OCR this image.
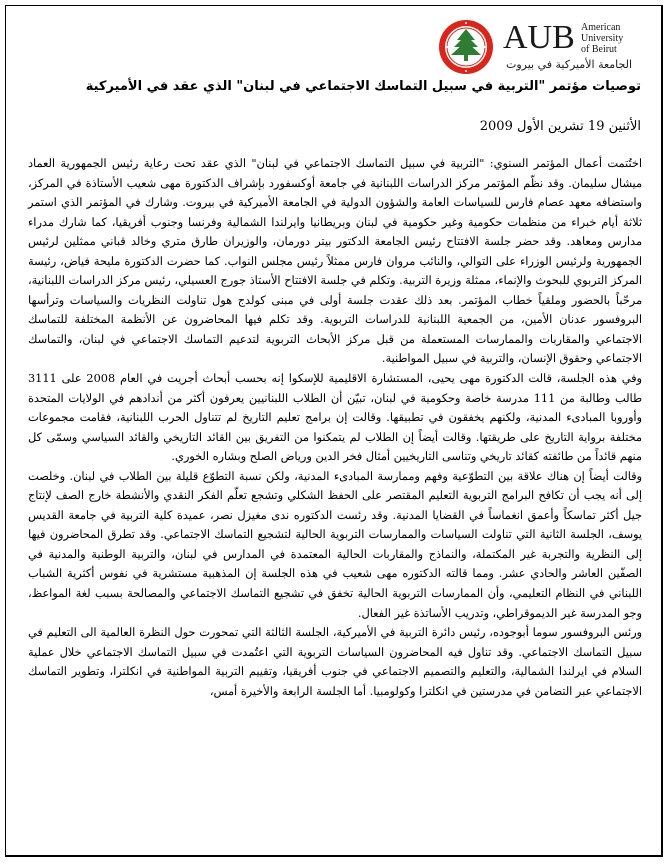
AUB American
University
of Beirut
الجامعة الأميركية في بيروت
توصيات مؤتمر "التربية في سبيل التماسك الاجتماعي في لبنان" الذي عقد في الأميركية
الأثنين 19 تشرين الأول 2009

اختُتمت أعمال المؤتمر السنوي: "التربية في سبيل التماسك الاجتماعي في لبنان" الذي عقد تحت رعاية رئيس الجمهورية العماد ميشال سليمان. وقد نظّم المؤتمر مركز الدراسات اللبنانية في جامعة أوكسفورد بإشراف الدكتورة مهى شعيب الأستاذة في المركز، واستضافه معهد عصام فارس للسياسات العامة والشؤون الدولية في الجامعة الأميركية في بيروت. وشارك في المؤتمر الذي استمر ثلاثة أيام خبراء من منظمات حكومية وغير حكومية في لبنان وبريطانيا وايرلندا الشمالية وفرنسا وجنوب أفريقيا، كما شارك مدراء مدارس ومعاهد. وقد حضر جلسة الافتتاح رئيس الجامعة الدكتور بيتر دورمان، والوزيران طارق متري وخالد قباني ممثلين لرئيس الجمهورية ولرئيس الوزراء على التوالي، والنائب مروان فارس ممثلاً رئيس مجلس النواب. كما حضرت الدكتورة مليحة فياض، رئيسة المركز التربوي للبحوث والإنماء، ممثلة وزيرة التربية. وتكلم في جلسة الافتتاح الأستاذ جورج العسيلي، رئيس مركز الدراسات اللبنانية، مرحّباً بالحضور وملقياً خطاب المؤتمر. بعد ذلك عقدت جلسة أولى في مبنى كولدج هول تناولت النظريات والسياسات وترأسها البروفسور عدنان الأمين، من الجمعية اللبنانية للدراسات التربوية. وقد تكلم فيها المحاضرون عن الأنظمة المختلفة للتماسك الاجتماعي والمقاربات والممارسات المستعملة من قبل مركز الأبحاث التربوية لتدعيم التماسك الاجتماعي في لبنان، والتماسك الاجتماعي وحقوق الإنسان، والتربية في سبيل المواطنية.

وفي هذه الجلسة، قالت الدكتورة مهى يحيى، المستشارة الاقليمية للإسكوا إنه بحسب أبحاث أجريت في العام 2008 على 3111 طالب وطالبة من 111 مدرسة خاصة وحكومية في لبنان، تبيّن أن الطلاب اللبنانيين يعرفون أكثر من أندادهم في الولايات المتحدة وأوروبا المبادىء المدنية، ولكنهم يخفقون في تطبيقها. وقالت إن برامج تعليم التاريخ لم تتناول الحرب اللبنانية، فقامت مجموعات مختلفة برواية التاريخ على طريقتها. وقالت أيضاً إن الطلاب لم يتمكنوا من التفريق بين القائد التاريخي والقائد السياسي وسمّى كل منهم قائداً من طائفته كقائد تاريخي وتناسى التاريخيين أمثال فخر الدين ورياض الصلح وبشاره الخوري.

وقالت أيضاً إن هناك علاقة بين التطوّعية وفهم وممارسة المبادىء المدنية، ولكن نسبة التطوّع قليلة بين الطلاب في لبنان. وخلصت إلى أنه يجب أن تكافح البرامج التربوية التعليم المقتصر على الحفظ الشكلي وتشجع تعلّم الفكر النقدي والأنشطة خارج الصف لإنتاج جيل أكثر تماسكاً وأعمق انغماساً في القضايا المدنية. وقد رئست الدكتوره ندى مغيزل نصر، عميدة كلية التربية في جامعة القديس يوسف، الجلسة الثانية التي تناولت السياسات والممارسات التربوية الحالية لتشجيع التماسك الاجتماعي. وقد تطرق المحاضرون فيها إلى النظرية والتجربة غير المكتملة، والنماذج والمقاربات الحالية المعتمدة في المدارس في لبنان، والتربية الوطنية والمدنية في الصفّين العاشر والحادي عشر. ومما قالته الدكتوره مهى شعيب في هذه الجلسة إن المذهبية مستشرية في نفوس أكثرية الشباب اللبناني في النظام التعليمي، وأن الممارسات التربوية الحالية تخفق في تشجيع التماسك الاجتماعي والمصالحة بسبب لغة المواعظ، وجو المدرسة غير الديموقراطي، وتدريب الأساتذة غير الفعال.

ورئس البروفسور سوما أبوجوده، رئيس دائرة التربية في الأميركية، الجلسة الثالثة التي تمحورت حول النظرة العالمية الى التعليم في سبيل التماسك الاجتماعي. وقد تناول فيه المحاضرون السياسات التربوية التي اعتُمدت في سبيل التماسك الاجتماعي خلال عملية السلام في ايرلندا الشمالية، والتعليم والتصميم الاجتماعي في جنوب أفريقيا، وتقييم التربية المواطنية في انكلترا، وتطوير التماسك الاجتماعي عبر التضامن في مدرستين في انكلترا وكولومبيا. أما الجلسة الرابعة والأخيرة أمس،
